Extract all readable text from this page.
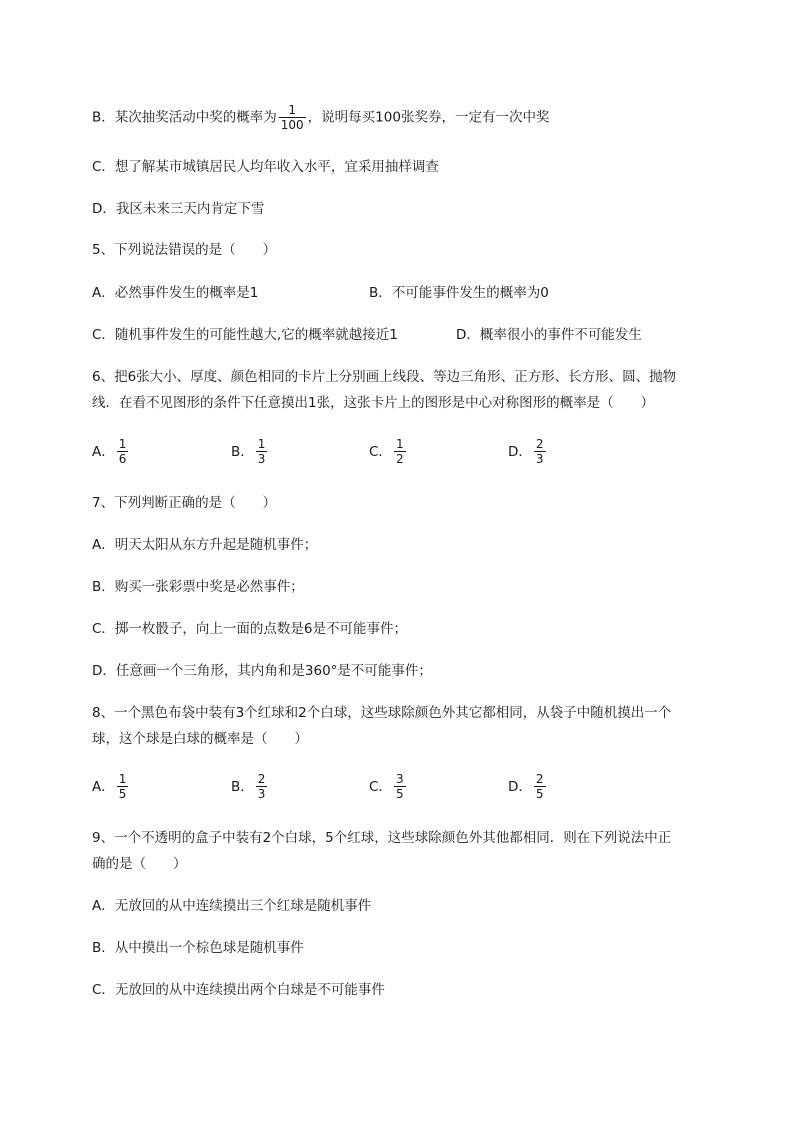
B．某次抽奖活动中奖的概率为 $\frac{1}{100}$ ，说明每买100张奖券，一定有一次中奖
C．想了解某市城镇居民人均年收入水平，宜采用抽样调查
D．我区未来三天内肯定下雪
5、下列说法错误的是（　　）
A．必然事件发生的概率是1	B．不可能事件发生的概率为0
C．随机事件发生的可能性越大,它的概率就越接近1	D．概率很小的事件不可能发生
6、把6张大小、厚度、颜色相同的卡片上分别画上线段、等边三角形、正方形、长方形、圆、抛物
线．在看不见图形的条件下任意摸出1张，这张卡片上的图形是中心对称图形的概率是（　　）
A． $\frac{1}{6}$	B． $\frac{1}{3}$	C． $\frac{1}{2}$	D． $\frac{2}{3}$
7、下列判断正确的是（　　）
A．明天太阳从东方升起是随机事件；
B．购买一张彩票中奖是必然事件；
C．掷一枚骰子，向上一面的点数是6是不可能事件；
D．任意画一个三角形，其内角和是360°是不可能事件；
8、一个黑色布袋中装有3个红球和2个白球，这些球除颜色外其它都相同，从袋子中随机摸出一个
球，这个球是白球的概率是（　　）
A． $\frac{1}{5}$	B． $\frac{2}{3}$	C． $\frac{3}{5}$	D． $\frac{2}{5}$
9、一个不透明的盒子中装有2个白球，5个红球，这些球除颜色外其他都相同．则在下列说法中正
确的是（　　）
A．无放回的从中连续摸出三个红球是随机事件
B．从中摸出一个棕色球是随机事件
C．无放回的从中连续摸出两个白球是不可能事件
